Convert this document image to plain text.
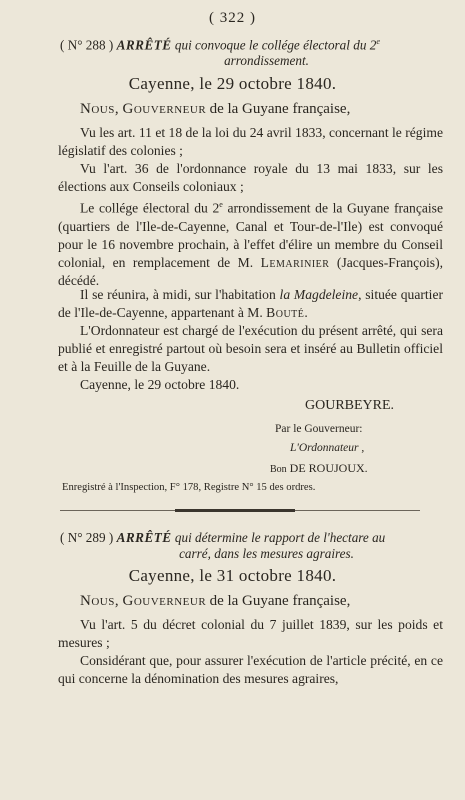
( 322 )
( N° 288 ) ARRÊTÉ qui convoque le collége électoral du 2e
arrondissement.
Cayenne, le 29 octobre 1840.
Nous, Gouverneur de la Guyane française,
Vu les art. 11 et 18 de la loi du 24 avril 1833, concernant le régime législatif des colonies ;
Vu l'art. 36 de l'ordonnance royale du 13 mai 1833, sur les élections aux Conseils coloniaux ;
Le collége électoral du 2e arrondissement de la Guyane française (quartiers de l'Ile-de-Cayenne, Canal et Tour-de-l'Ile) est convoqué pour le 16 novembre prochain, à l'effet d'élire un membre du Conseil colonial, en remplacement de M. Lemarinier (Jacques-François), décédé.
Il se réunira, à midi, sur l'habitation la Magdeleine, située quartier de l'Ile-de-Cayenne, appartenant à M. Bouté.
L'Ordonnateur est chargé de l'exécution du présent arrêté, qui sera publié et enregistré partout où besoin sera et inséré au Bulletin officiel et à la Feuille de la Guyane.
Cayenne, le 29 octobre 1840.
GOURBEYRE.
Par le Gouverneur:
L'Ordonnateur ,
Bon DE ROUJOUX.
Enregistré à l'Inspection, F° 178, Registre N° 15 des ordres.
( N° 289 ) ARRÊTÉ qui détermine le rapport de l'hectare au
carré, dans les mesures agraires.
Cayenne, le 31 octobre 1840.
Nous, Gouverneur de la Guyane française,
Vu l'art. 5 du décret colonial du 7 juillet 1839, sur les poids et mesures ;
Considérant que, pour assurer l'exécution de l'article précité, en ce qui concerne la dénomination des mesures agraires,
